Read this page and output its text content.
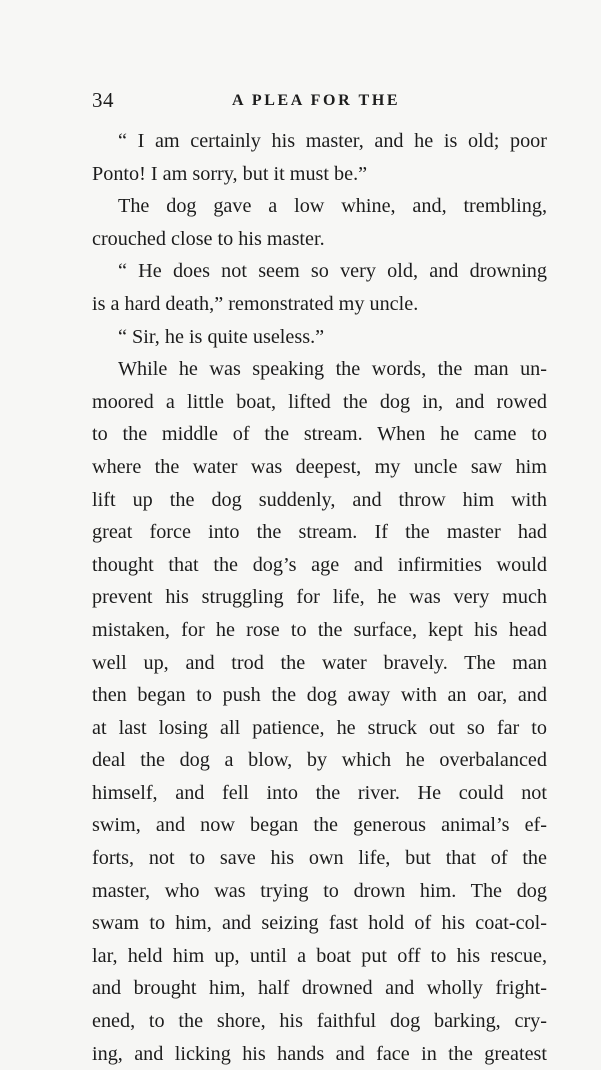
34	A PLEA FOR THE
“ I am certainly his master, and he is old; poor
Ponto! I am sorry, but it must be.”
The dog gave a low whine, and, trembling,
crouched close to his master.
“ He does not seem so very old, and drowning
is a hard death,” remonstrated my uncle.
“ Sir, he is quite useless.”
While he was speaking the words, the man un-
moored a little boat, lifted the dog in, and rowed
to the middle of the stream. When he came to
where the water was deepest, my uncle saw him
lift up the dog suddenly, and throw him with
great force into the stream. If the master had
thought that the dog’s age and infirmities would
prevent his struggling for life, he was very much
mistaken, for he rose to the surface, kept his head
well up, and trod the water bravely. The man
then began to push the dog away with an oar, and
at last losing all patience, he struck out so far to
deal the dog a blow, by which he overbalanced
himself, and fell into the river. He could not
swim, and now began the generous animal’s ef-
forts, not to save his own life, but that of the
master, who was trying to drown him. The dog
swam to him, and seizing fast hold of his coat-col-
lar, held him up, until a boat put off to his rescue,
and brought him, half drowned and wholly fright-
ened, to the shore, his faithful dog barking, cry-
ing, and licking his hands and face in the greatest
